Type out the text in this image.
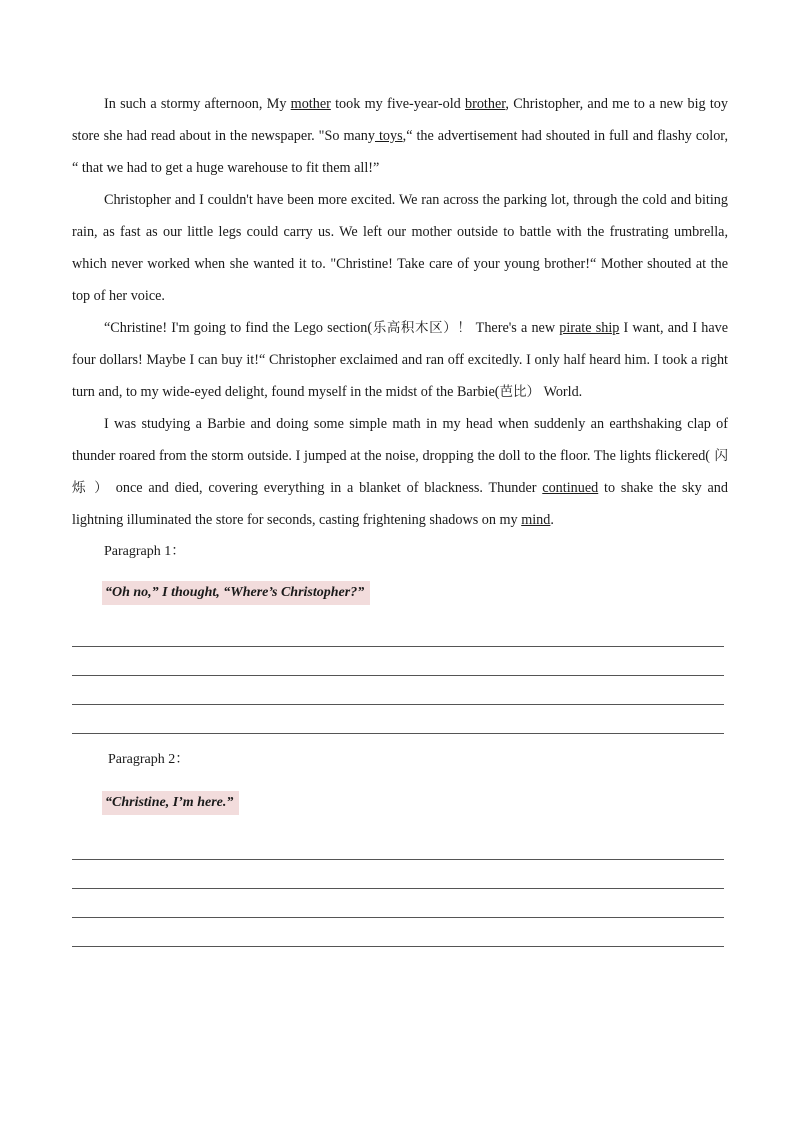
In such a stormy afternoon, My mother took my five-year-old brother, Christopher, and me to a new big toy store she had read about in the newspaper. "So many toys,“ the advertisement had shouted in full and flashy color, “ that we had to get a huge warehouse to fit them all!”

Christopher and I couldn't have been more excited. We ran across the parking lot, through the cold and biting rain, as fast as our little legs could carry us. We left our mother outside to battle with the frustrating umbrella, which never worked when she wanted it to. "Christine! Take care of your young brother!“ Mother shouted at the top of her voice.

“Christine! I'm going to find the Lego section(乐高积木区）！ There's a new pirate ship I want, and I have four dollars! Maybe I can buy it!“ Christopher exclaimed and ran off excitedly. I only half heard him. I took a right turn and, to my wide-eyed delight, found myself in the midst of the Barbie(芭比） World.

I was studying a Barbie and doing some simple math in my head when suddenly an earthshaking clap of thunder roared from the storm outside. I jumped at the noise, dropping the doll to the floor. The lights flickered( 闪 烁 ） once and died, covering everything in a blanket of blackness. Thunder continued to shake the sky and lightning illuminated the store for seconds, casting frightening shadows on my mind.

Paragraph 1：

“Oh no,” I thought, “Where’s Christopher?”

Paragraph 2：

“Christine, I’m here.”
